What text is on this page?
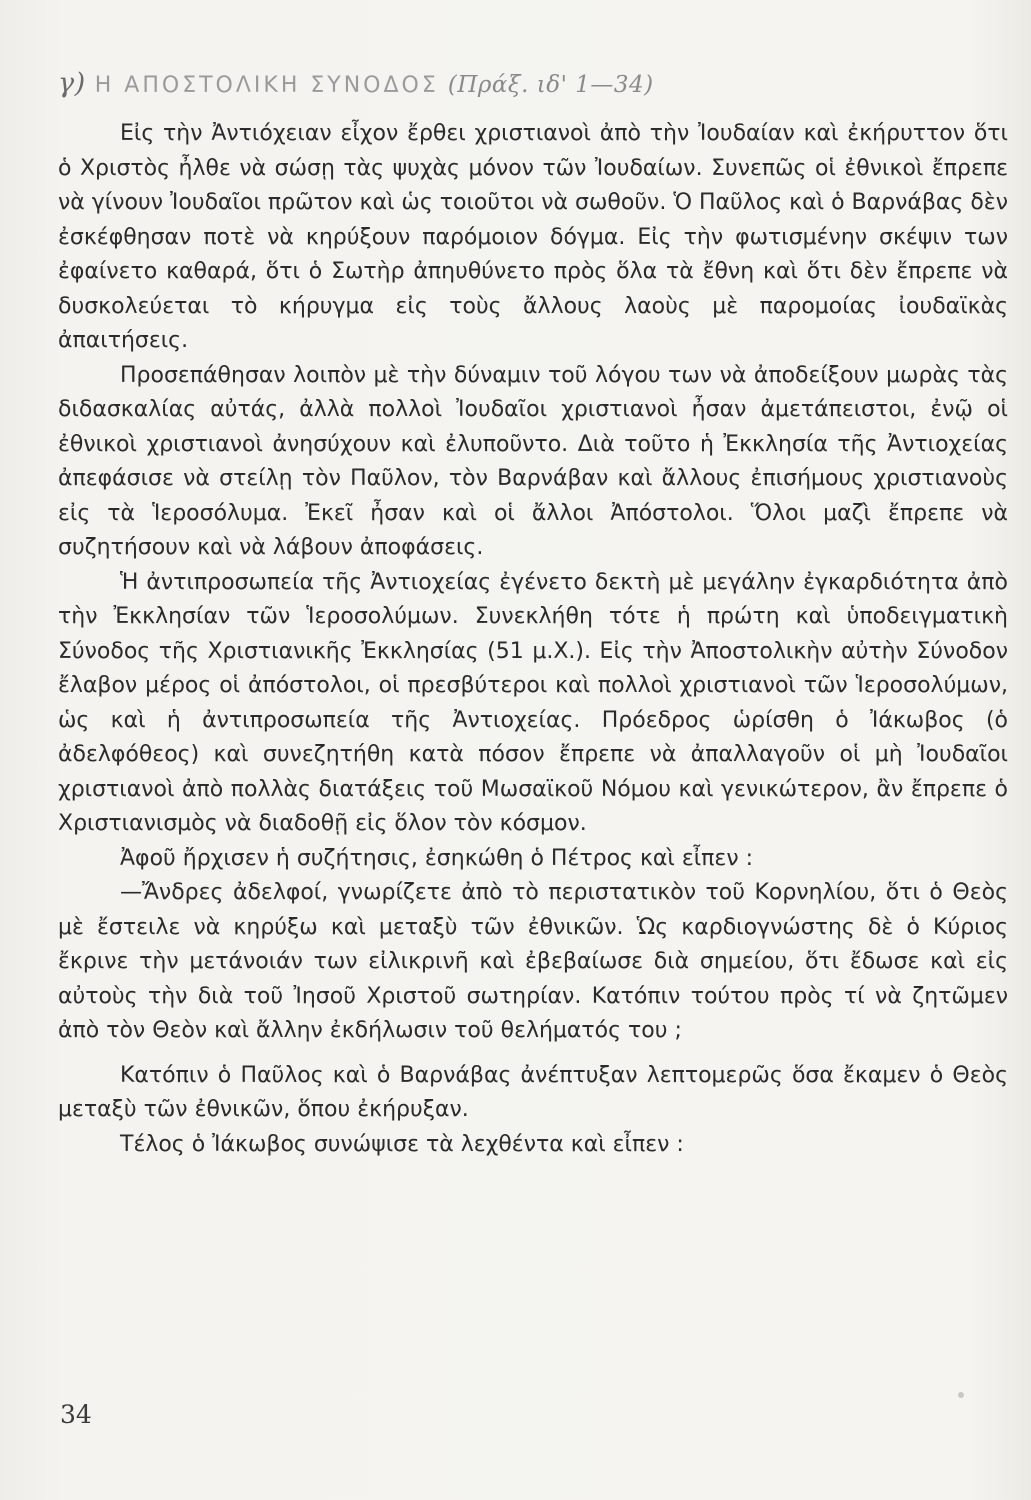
γ) Η ΑΠΟΣΤΟΛΙΚΗ ΣΥΝΟΔΟΣ (Πράξ. ιδ' 1—34)

Εἰς τὴν Ἀντιόχειαν εἶχον ἔρθει χριστιανοὶ ἀπὸ τὴν Ἰουδαίαν καὶ ἐκήρυττον ὅτι ὁ Χριστὸς ἦλθε νὰ σώσῃ τὰς ψυχὰς μόνον τῶν Ἰουδαίων. Συνεπῶς οἱ ἐθνικοὶ ἔπρεπε νὰ γίνουν Ἰουδαῖοι πρῶτον καὶ ὡς τοιοῦτοι νὰ σωθοῦν. Ὁ Παῦλος καὶ ὁ Βαρνάβας δὲν ἐσκέφθησαν ποτὲ νὰ κηρύξουν παρόμοιον δόγμα. Εἰς τὴν φωτισμένην σκέψιν των ἐφαίνετο καθαρά, ὅτι ὁ Σωτὴρ ἀπηυθύνετο πρὸς ὅλα τὰ ἔθνη καὶ ὅτι δὲν ἔπρεπε νὰ δυσκολεύεται τὸ κήρυγμα εἰς τοὺς ἄλλους λαοὺς μὲ παρομοίας ἰουδαϊκὰς ἀπαιτήσεις.

Προσεπάθησαν λοιπὸν μὲ τὴν δύναμιν τοῦ λόγου των νὰ ἀποδείξουν μωρὰς τὰς διδασκαλίας αὐτάς, ἀλλὰ πολλοὶ Ἰουδαῖοι χριστιανοὶ ἦσαν ἀμετάπειστοι, ἐνῷ οἱ ἐθνικοὶ χριστιανοὶ ἀνησύχουν καὶ ἐλυποῦντο. Διὰ τοῦτο ἡ Ἐκκλησία τῆς Ἀντιοχείας ἀπεφάσισε νὰ στείλῃ τὸν Παῦλον, τὸν Βαρνάβαν καὶ ἄλλους ἐπισήμους χριστιανοὺς εἰς τὰ Ἱεροσόλυμα. Ἐκεῖ ἦσαν καὶ οἱ ἄλλοι Ἀπόστολοι. Ὅλοι μαζὶ ἔπρεπε νὰ συζητήσουν καὶ νὰ λάβουν ἀποφάσεις.

Ἡ ἀντιπροσωπεία τῆς Ἀντιοχείας ἐγένετο δεκτὴ μὲ μεγάλην ἐγκαρδιότητα ἀπὸ τὴν Ἐκκλησίαν τῶν Ἱεροσολύμων. Συνεκλήθη τότε ἡ πρώτη καὶ ὑποδειγματικὴ Σύνοδος τῆς Χριστιανικῆς Ἐκκλησίας (51 μ.Χ.). Εἰς τὴν Ἀποστολικὴν αὐτὴν Σύνοδον ἔλαβον μέρος οἱ ἀπόστολοι, οἱ πρεσβύτεροι καὶ πολλοὶ χριστιανοὶ τῶν Ἱεροσολύμων, ὡς καὶ ἡ ἀντιπροσωπεία τῆς Ἀντιοχείας. Πρόεδρος ὡρίσθη ὁ Ἰάκωβος (ὁ ἀδελφόθεος) καὶ συνεζητήθη κατὰ πόσον ἔπρεπε νὰ ἀπαλλαγοῦν οἱ μὴ Ἰουδαῖοι χριστιανοὶ ἀπὸ πολλὰς διατάξεις τοῦ Μωσαϊκοῦ Νόμου καὶ γενικώτερον, ἂν ἔπρεπε ὁ Χριστιανισμὸς νὰ διαδοθῇ εἰς ὅλον τὸν κόσμον.

Ἀφοῦ ἤρχισεν ἡ συζήτησις, ἐσηκώθη ὁ Πέτρος καὶ εἶπεν :

—Ἄνδρες ἀδελφοί, γνωρίζετε ἀπὸ τὸ περιστατικὸν τοῦ Κορνηλίου, ὅτι ὁ Θεὸς μὲ ἔστειλε νὰ κηρύξω καὶ μεταξὺ τῶν ἐθνικῶν. Ὡς καρδιογνώστης δὲ ὁ Κύριος ἔκρινε τὴν μετάνοιάν των εἰλικρινῆ καὶ ἐβεβαίωσε διὰ σημείου, ὅτι ἔδωσε καὶ εἰς αὐτοὺς τὴν διὰ τοῦ Ἰησοῦ Χριστοῦ σωτηρίαν. Κατόπιν τούτου πρὸς τί νὰ ζητῶμεν ἀπὸ τὸν Θεὸν καὶ ἄλλην ἐκδήλωσιν τοῦ θελήματός του ;

Κατόπιν ὁ Παῦλος καὶ ὁ Βαρνάβας ἀνέπτυξαν λεπτομερῶς ὅσα ἔκαμεν ὁ Θεὸς μεταξὺ τῶν ἐθνικῶν, ὅπου ἐκήρυξαν.

Τέλος ὁ Ἰάκωβος συνώψισε τὰ λεχθέντα καὶ εἶπεν :

34
